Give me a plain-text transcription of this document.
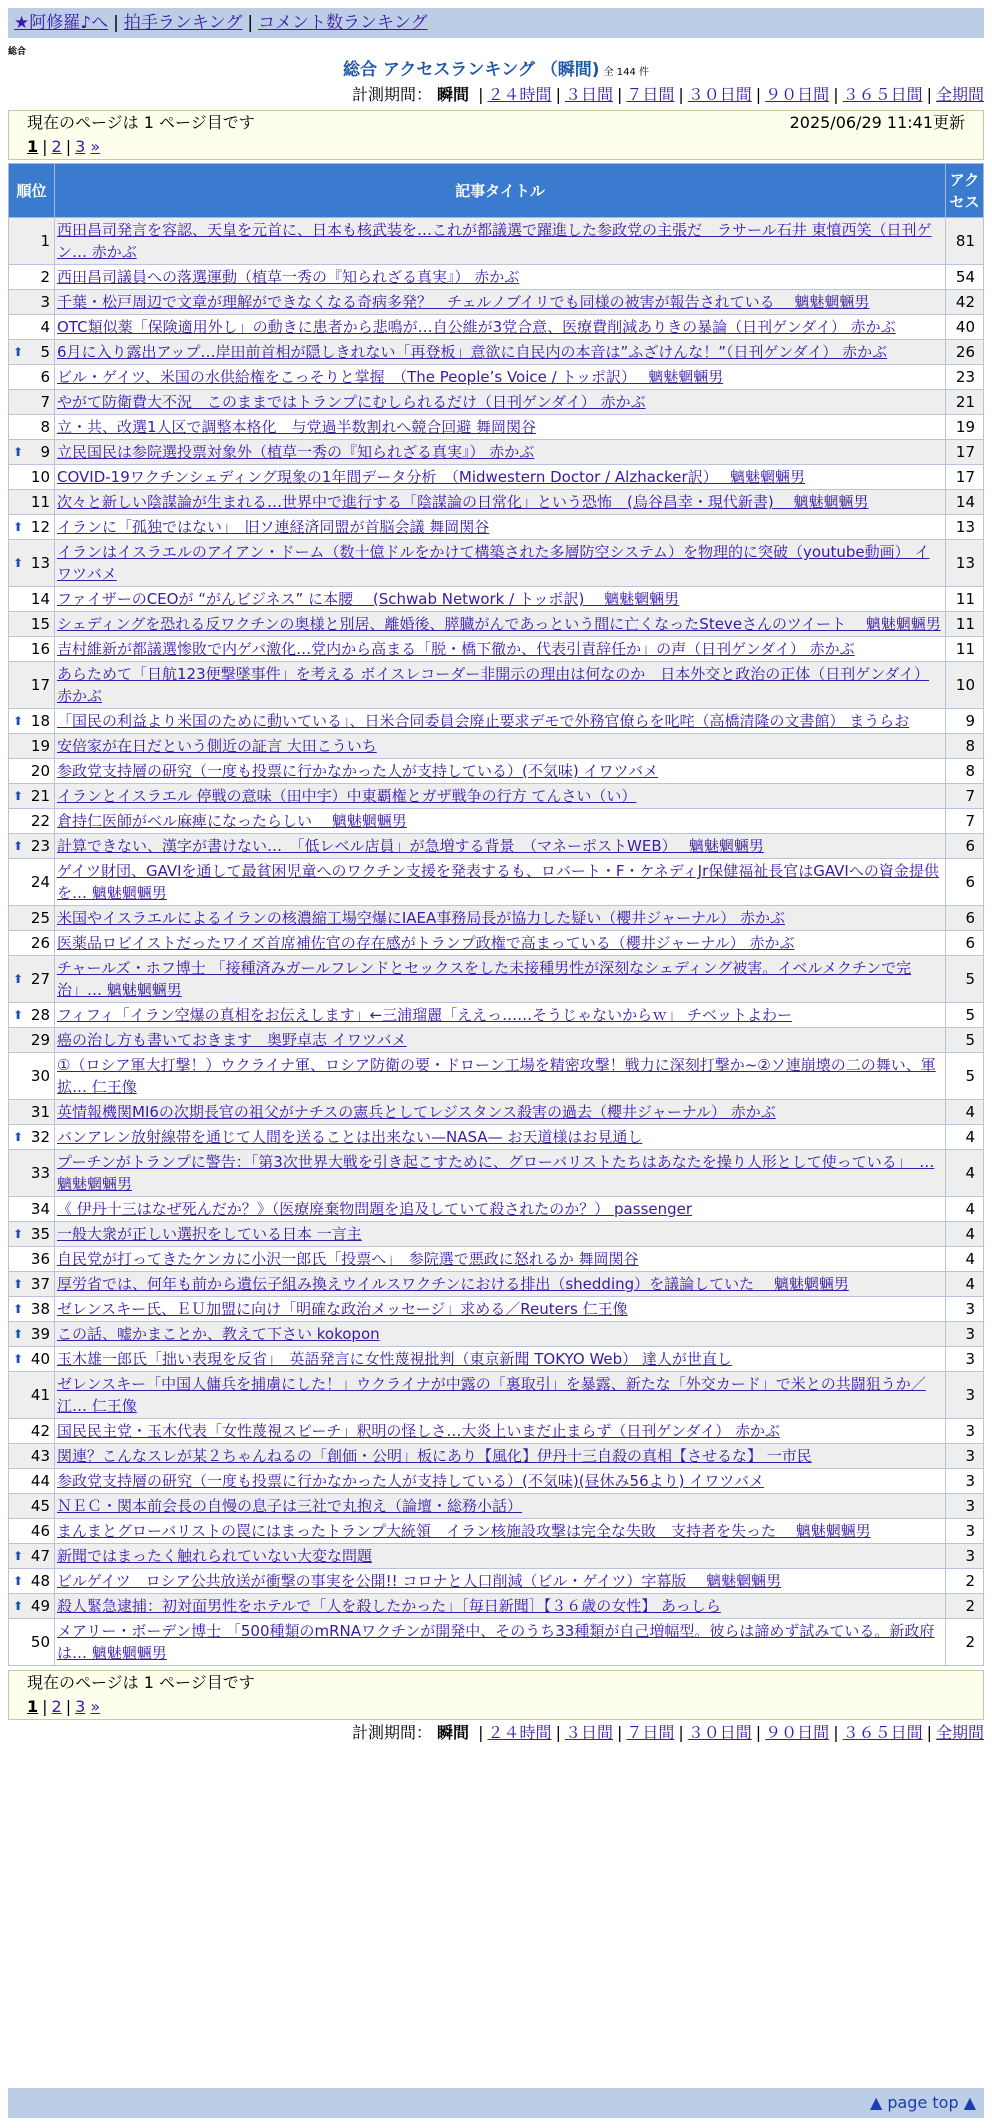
★阿修羅♪へ | 拍手ランキング | コメント数ランキング
総合
総合 アクセスランキング （瞬間) 全 144 件
計測期間： 瞬間 | ２４時間 | ３日間 | ７日間 | ３０日間 | ９０日間 | ３６５日間 | 全期間
現在のページは 1 ページ目です	2025/06/29 11:41更新
1 | 2 | 3 »
順位	記事タイトル	アクセス
1	西田昌司発言を容認、天皇を元首に、日本も核武装を…これが都議選で躍進した参政党の主張だ　ラサール石井 東憤西笑（日刊ゲン… 赤かぶ	81
2	西田昌司議員への落選運動（植草一秀の『知られざる真実』） 赤かぶ	54
3	千葉・松戸周辺で文章が理解ができなくなる奇病多発？　チェルノブイリでも同様の被害が報告されている　 魑魅魍魎男	42
4	OTC類似薬「保険適用外し」の動きに患者から悲鳴が…自公維が3党合意、医療費削減ありきの暴論（日刊ゲンダイ） 赤かぶ	40

⬆ 5	6月に入り露出アップ…岸田前首相が隠しきれない「再登板」意欲に自民内の本音は”ふざけんな！”（日刊ゲンダイ） 赤かぶ	26
6	ビル・ゲイツ、米国の水供給権をこっそりと掌握　（The People’s Voice / トッポ訳）　 魑魅魍魎男	23
7	やがて防衛費大不況　このままではトランプにむしられるだけ（日刊ゲンダイ） 赤かぶ	21
8	立・共、改選1人区で調整本格化　与党過半数割れへ競合回避 舞岡関谷	19

⬆ 9	立民国民は参院選投票対象外（植草一秀の『知られざる真実』） 赤かぶ	17
10	COVID-19ワクチンシェディング現象の1年間データ分析　（Midwestern Doctor / Alzhacker訳）　 魑魅魍魎男	17
11	次々と新しい陰謀論が生まれる…世界中で進行する「陰謀論の日常化」という恐怖　(烏谷昌幸・現代新書)　 魑魅魍魎男	14

⬆ 12	イランに「孤独ではない」　旧ソ連経済同盟が首脳会議 舞岡関谷	13

⬆ 13	イランはイスラエルのアイアン・ドーム（数十億ドルをかけて構築された多層防空システム）を物理的に突破（youtube動画） イワツバメ	13
14	ファイザーのCEOが “がんビジネス” に本腰　 (Schwab Network / トッポ訳)　 魑魅魍魎男	11
15	シェディングを恐れる反ワクチンの奥様と別居、離婚後、膵臓がんであっという間に亡くなったSteveさんのツイート　 魑魅魍魎男	11
16	吉村維新が都議選惨敗で内ゲバ激化…党内から高まる「脱・橋下徹か、代表引責辞任か」の声（日刊ゲンダイ） 赤かぶ	11
17	あらためて「日航123便撃墜事件」を考える ボイスレコーダー非開示の理由は何なのか　日本外交と政治の正体（日刊ゲンダイ） 赤かぶ	10

⬆ 18	「国民の利益より米国のために動いている」、日米合同委員会廃止要求デモで外務官僚らを叱咤（高橋清隆の文書館） まうらお	9
19	安倍家が在日だという側近の証言 大田こういち	8
20	参政党支持層の研究（一度も投票に行かなかった人が支持している）(不気味) イワツバメ	8

⬆ 21	イランとイスラエル 停戦の意味（田中宇）中東覇権とガザ戦争の行方 てんさい（い）	7
22	倉持仁医師がベル麻痺になったらしい　 魑魅魍魎男	7

⬆ 23	計算できない、漢字が書けない…　「低レベル店員」が急増する背景　（マネーポストWEB）　 魑魅魍魎男	6
24	ゲイツ財団、GAVIを通して最貧困児童へのワクチン支援を発表するも、ロバート・F・ケネディJr保健福祉長官はGAVIへの資金提供を… 魑魅魍魎男	6
25	米国やイスラエルによるイランの核濃縮工場空爆にIAEA事務局長が協力した疑い（櫻井ジャーナル） 赤かぶ	6
26	医薬品ロビイストだったワイズ首席補佐官の存在感がトランプ政権で高まっている（櫻井ジャーナル） 赤かぶ	6

⬆ 27	チャールズ・ホフ博士 「接種済みガールフレンドとセックスをした未接種男性が深刻なシェディング被害。イベルメクチンで完治」… 魑魅魍魎男	5

⬆ 28	フィフィ「イラン空爆の真相をお伝えします」←三浦瑠麗「ええっ……そうじゃないからｗ」 チベットよわー	5
29	癌の治し方も書いておきます　奥野卓志 イワツバメ	5
30	①（ロシア軍大打撃！）ウクライナ軍、ロシア防衛の要・ドローン工場を精密攻撃！戦力に深刻打撃か~②ソ連崩壊の二の舞い、軍拡… 仁王像	5
31	英情報機関MI6の次期長官の祖父がナチスの憲兵としてレジスタンス殺害の過去（櫻井ジャーナル） 赤かぶ	4

⬆ 32	バンアレン放射線帯を通じて人間を送ることは出来ない—NASA— お天道様はお見通し	4
33	プーチンがトランプに警告：「第3次世界大戦を引き起こすために、グローバリストたちはあなたを操り人形として使っている」　… 魑魅魍魎男	4
34	《 伊丹十三はなぜ死んだか？》（医療廃棄物問題を追及していて殺されたのか？） passenger	4

⬆ 35	一般大衆が正しい選択をしている日本 一言主	4
36	自民党が打ってきたケンカに小沢一郎氏「投票へ」　参院選で悪政に怒れるか 舞岡関谷	4

⬆ 37	厚労省では、何年も前から遺伝子組み換えウイルスワクチンにおける排出（shedding）を議論していた　 魑魅魍魎男	4

⬆ 38	ゼレンスキー氏、ＥＵ加盟に向け「明確な政治メッセージ」求める／Reuters 仁王像	3

⬆ 39	この話、嘘かまことか、教えて下さい kokopon	3

⬆ 40	玉木雄一郎氏「拙い表現を反省」　英語発言に女性蔑視批判（東京新聞 TOKYO Web） 達人が世直し	3
41	ゼレンスキー「中国人傭兵を捕虜にした！」ウクライナが中露の「裏取引」を暴露、新たな「外交カード」で米との共闘狙うか／江… 仁王像	3
42	国民民主党・玉木代表「女性蔑視スピーチ」釈明の怪しさ…大炎上いまだ止まらず（日刊ゲンダイ） 赤かぶ	3
43	関連？こんなスレが某２ちゃんねるの「創価・公明」板にあり【風化】伊丹十三自殺の真相【させるな】 一市民	3
44	参政党支持層の研究（一度も投票に行かなかった人が支持している）(不気味)(昼休み56より) イワツバメ	3
45	ＮＥＣ・関本前会長の自慢の息子は三社で丸抱え（論壇・総務小話）	3
46	まんまとグローバリストの罠にはまったトランプ大統領　イラン核施設攻撃は完全な失敗　支持者を失った　 魑魅魍魎男	3

⬆ 47	新聞ではまったく触れられていない大変な問題	3

⬆ 48	ビルゲイツ　ロシア公共放送が衝撃の事実を公開!! コロナと人口削減（ビル・ゲイツ）字幕版　 魑魅魍魎男	2

⬆ 49	殺人緊急逮捕：初対面男性をホテルで「人を殺したかった」［毎日新聞］【３６歳の女性】 あっしら	2
50	メアリー・ボーデン博士 「500種類のmRNAワクチンが開発中、そのうち33種類が自己増幅型。彼らは諦めず試みている。新政府は… 魑魅魍魎男	2
現在のページは 1 ページ目です
1 | 2 | 3 »
計測期間： 瞬間 | ２４時間 | ３日間 | ７日間 | ３０日間 | ９０日間 | ３６５日間 | 全期間
▲ page top ▲
